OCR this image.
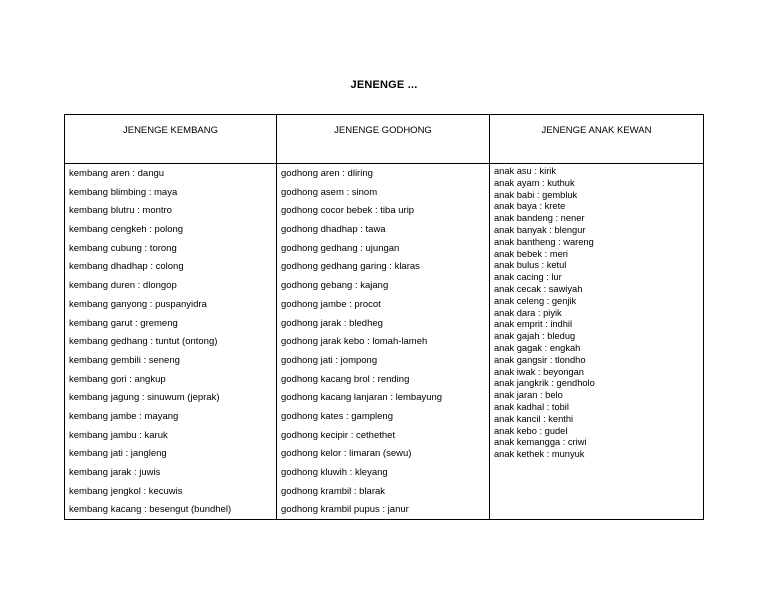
JENENGE ...
JENENGE KEMBANG	JENENGE GODHONG	JENENGE ANAK KEWAN
kembang aren : dangu
kembang blimbing : maya
kembang blutru : montro
kembang cengkeh : polong
kembang cubung : torong
kembang dhadhap : colong
kembang duren : dlongop
kembang ganyong : puspanyidra
kembang garut : gremeng
kembang gedhang : tuntut (ontong)
kembang gembili : seneng
kembang gori : angkup
kembang jagung : sinuwum (jeprak)
kembang jambe : mayang
kembang jambu : karuk
kembang jati : jangleng
kembang jarak : juwis
kembang jengkol : kecuwis
kembang kacang : besengut (bundhel)
godhong aren : dliring
godhong asem : sinom
godhong cocor bebek : tiba urip
godhong dhadhap : tawa
godhong gedhang : ujungan
godhong gedhang garing : klaras
godhong gebang : kajang
godhong jambe : procot
godhong jarak : bledheg
godhong jarak kebo : lomah-lameh
godhong jati : jompong
godhong kacang brol : rending
godhong kacang lanjaran : lembayung
godhong kates : gampleng
godhong kecipir : cethethet
godhong kelor : limaran (sewu)
godhong kluwih : kleyang
godhong krambil : blarak
godhong krambil pupus : janur
anak asu : kirik
anak ayam : kuthuk
anak babi : gembluk
anak baya : krete
anak bandeng : nener
anak banyak : blengur
anak bantheng : wareng
anak bebek : meri
anak bulus : ketul
anak cacing : lur
anak cecak : sawiyah
anak celeng : genjik
anak dara : piyik
anak emprit : indhil
anak gajah : bledug
anak gagak : engkah
anak gangsir : tlondho
anak iwak : beyongan
anak jangkrik : gendholo
anak jaran : belo
anak kadhal : tobil
anak kancil : kenthi
anak kebo : gudel
anak kemangga : criwi
anak kethek : munyuk
